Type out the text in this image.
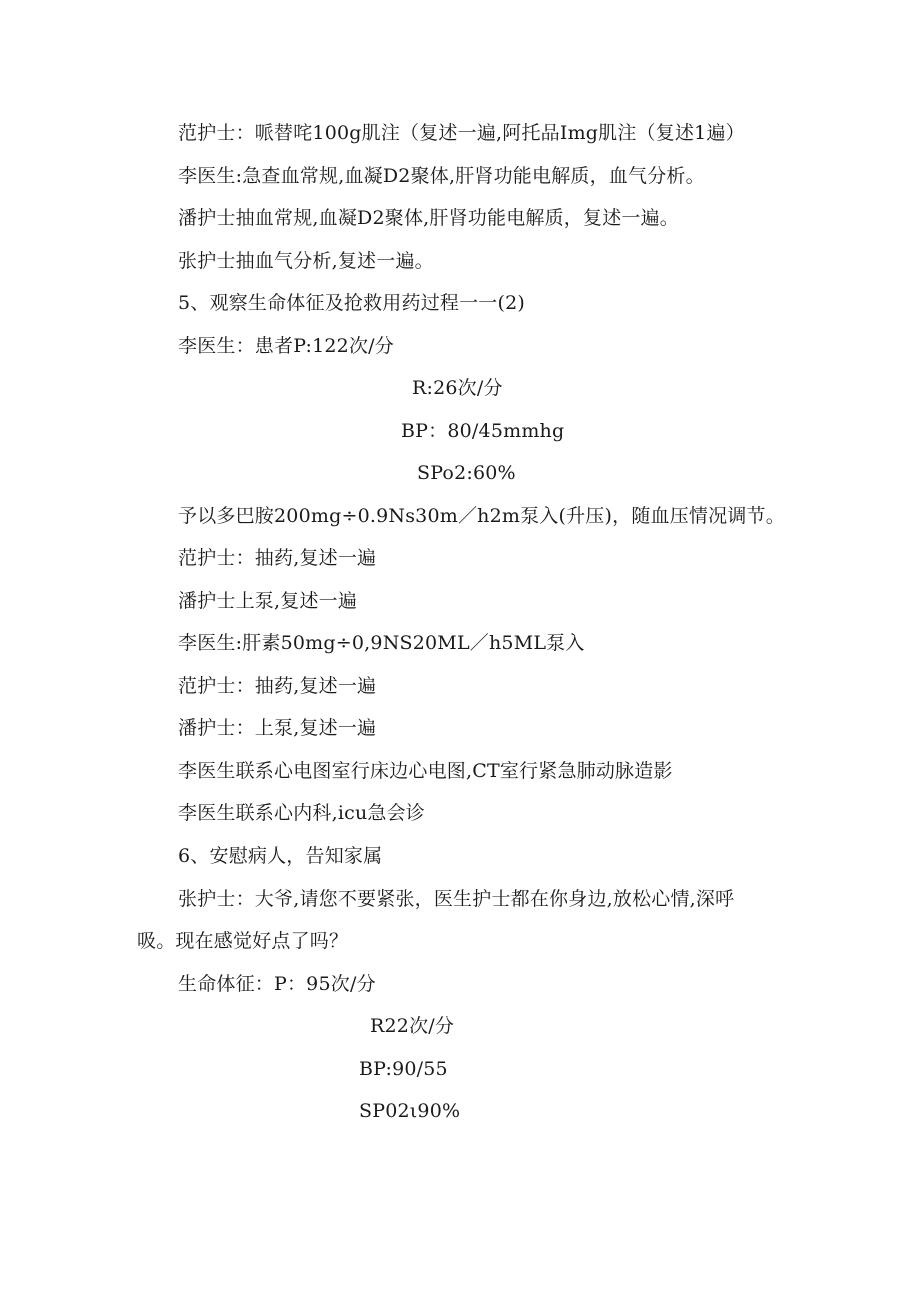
范护士：哌替咤100g肌注（复述一遍,阿托品Img肌注（复述1遍）
李医生:急查血常规,血凝D2聚体,肝肾功能电解质，血气分析。
潘护士抽血常规,血凝D2聚体,肝肾功能电解质，复述一遍。
张护士抽血气分析,复述一遍。
5、观察生命体征及抢救用药过程一一(2)
李医生：患者P:122次/分
R:26次/分
BP：80/45mmhg
SPo2:60%
予以多巴胺200mg÷0.9Ns30m／h2m泵入(升压)，随血压情况调节。
范护士：抽药,复述一遍
潘护士上泵,复述一遍
李医生:肝素50mg÷0,9NS20ML／h5ML泵入
范护士：抽药,复述一遍
潘护士：上泵,复述一遍
李医生联系心电图室行床边心电图,CT室行紧急肺动脉造影
李医生联系心内科,icu急会诊
6、安慰病人，告知家属
张护士：大爷,请您不要紧张，医生护士都在你身边,放松心情,深呼
吸。现在感觉好点了吗？
生命体征：P：95次/分
R22次/分
BP:90/55
SP02ι90%
